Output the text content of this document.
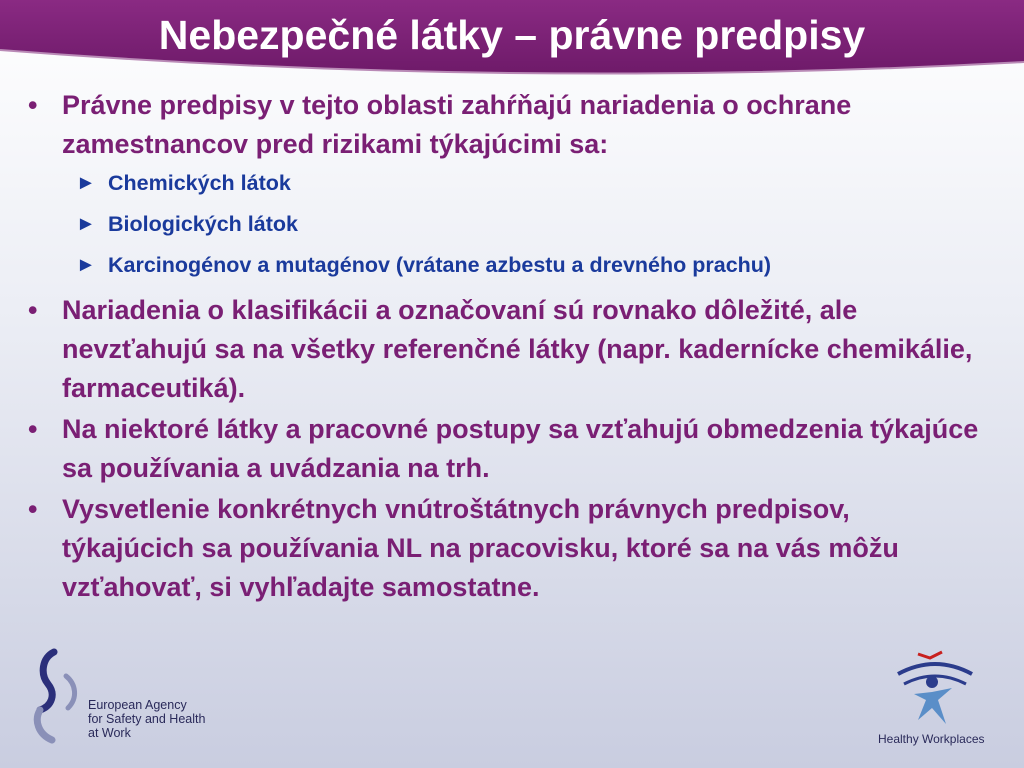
Nebezpečné látky – právne predpisy
• Právne predpisy v tejto oblasti zahŕňajú nariadenia o ochrane zamestnancov pred rizikami týkajúcimi sa:
► Chemických látok
► Biologických látok
► Karcinogénov a mutagénov (vrátane azbestu a drevného prachu)
• Nariadenia o klasifikácii a označovaní sú rovnako dôležité, ale nevzťahujú sa na všetky referenčné látky (napr. kadernícke chemikálie, farmaceutiká).
• Na niektoré látky a pracovné postupy sa vzťahujú obmedzenia týkajúce sa používania a uvádzania na trh.
• Vysvetlenie konkrétnych vnútroštátnych právnych predpisov, týkajúcich sa používania NL na pracovisku, ktoré sa na vás môžu vzťahovať, si vyhľadajte samostatne.
European Agency
for Safety and Health
at Work	Healthy Workplaces
